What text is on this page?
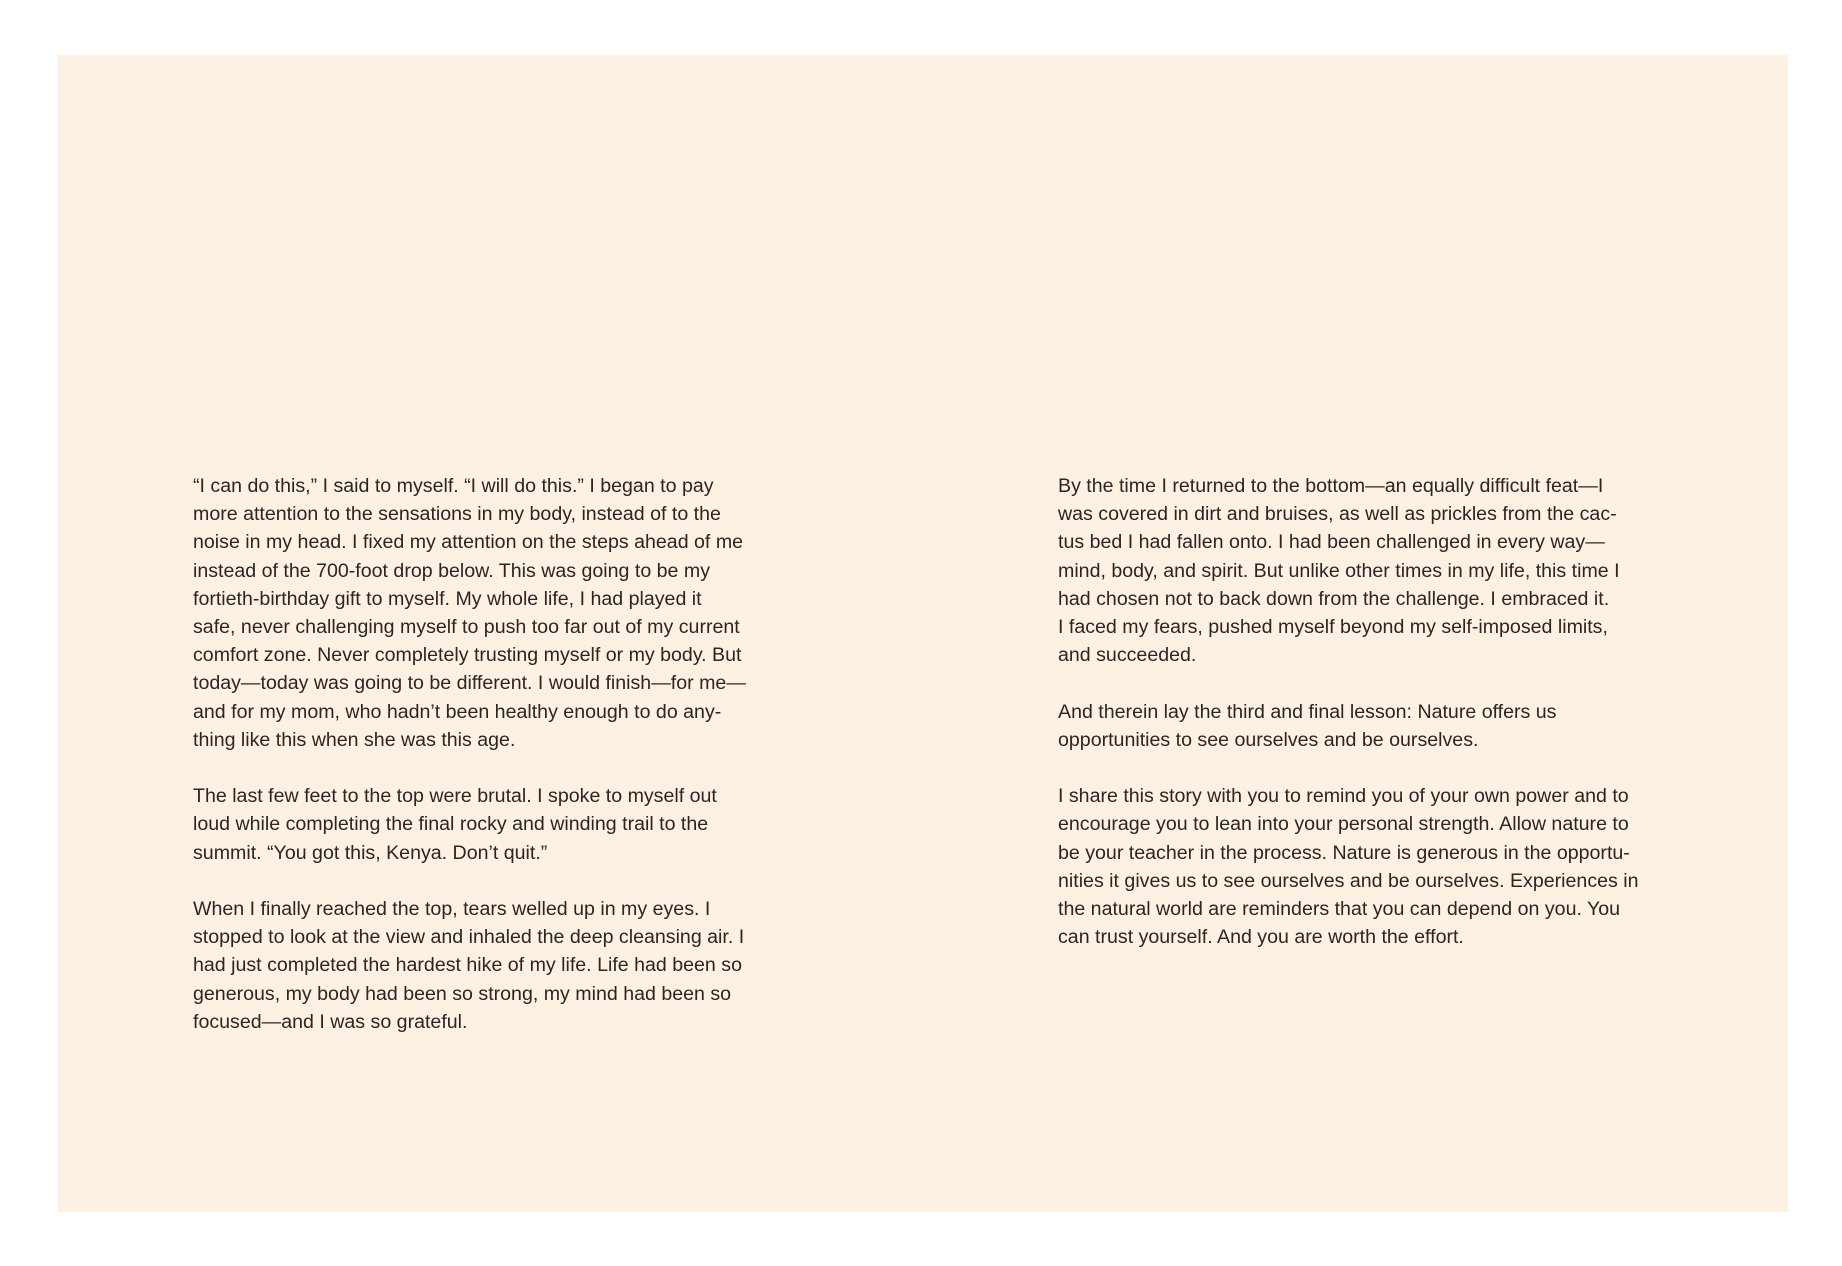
“I can do this,” I said to myself. “I will do this.” I began to pay
more attention to the sensations in my body, instead of to the
noise in my head. I fixed my attention on the steps ahead of me
instead of the 700-foot drop below. This was going to be my
fortieth-birthday gift to myself. My whole life, I had played it
safe, never challenging myself to push too far out of my current
comfort zone. Never completely trusting myself or my body. But
today—today was going to be different. I would finish—for me—
and for my mom, who hadn’t been healthy enough to do any-
thing like this when she was this age.

The last few feet to the top were brutal. I spoke to myself out
loud while completing the final rocky and winding trail to the
summit. “You got this, Kenya. Don’t quit.”

When I finally reached the top, tears welled up in my eyes. I
stopped to look at the view and inhaled the deep cleansing air. I
had just completed the hardest hike of my life. Life had been so
generous, my body had been so strong, my mind had been so
focused—and I was so grateful.

By the time I returned to the bottom—an equally difficult feat—I
was covered in dirt and bruises, as well as prickles from the cac-
tus bed I had fallen onto. I had been challenged in every way—
mind, body, and spirit. But unlike other times in my life, this time I
had chosen not to back down from the challenge. I embraced it.
I faced my fears, pushed myself beyond my self-imposed limits,
and succeeded.

And therein lay the third and final lesson: Nature offers us
opportunities to see ourselves and be ourselves.

I share this story with you to remind you of your own power and to
encourage you to lean into your personal strength. Allow nature to
be your teacher in the process. Nature is generous in the opportu-
nities it gives us to see ourselves and be ourselves. Experiences in
the natural world are reminders that you can depend on you. You
can trust yourself. And you are worth the effort.
